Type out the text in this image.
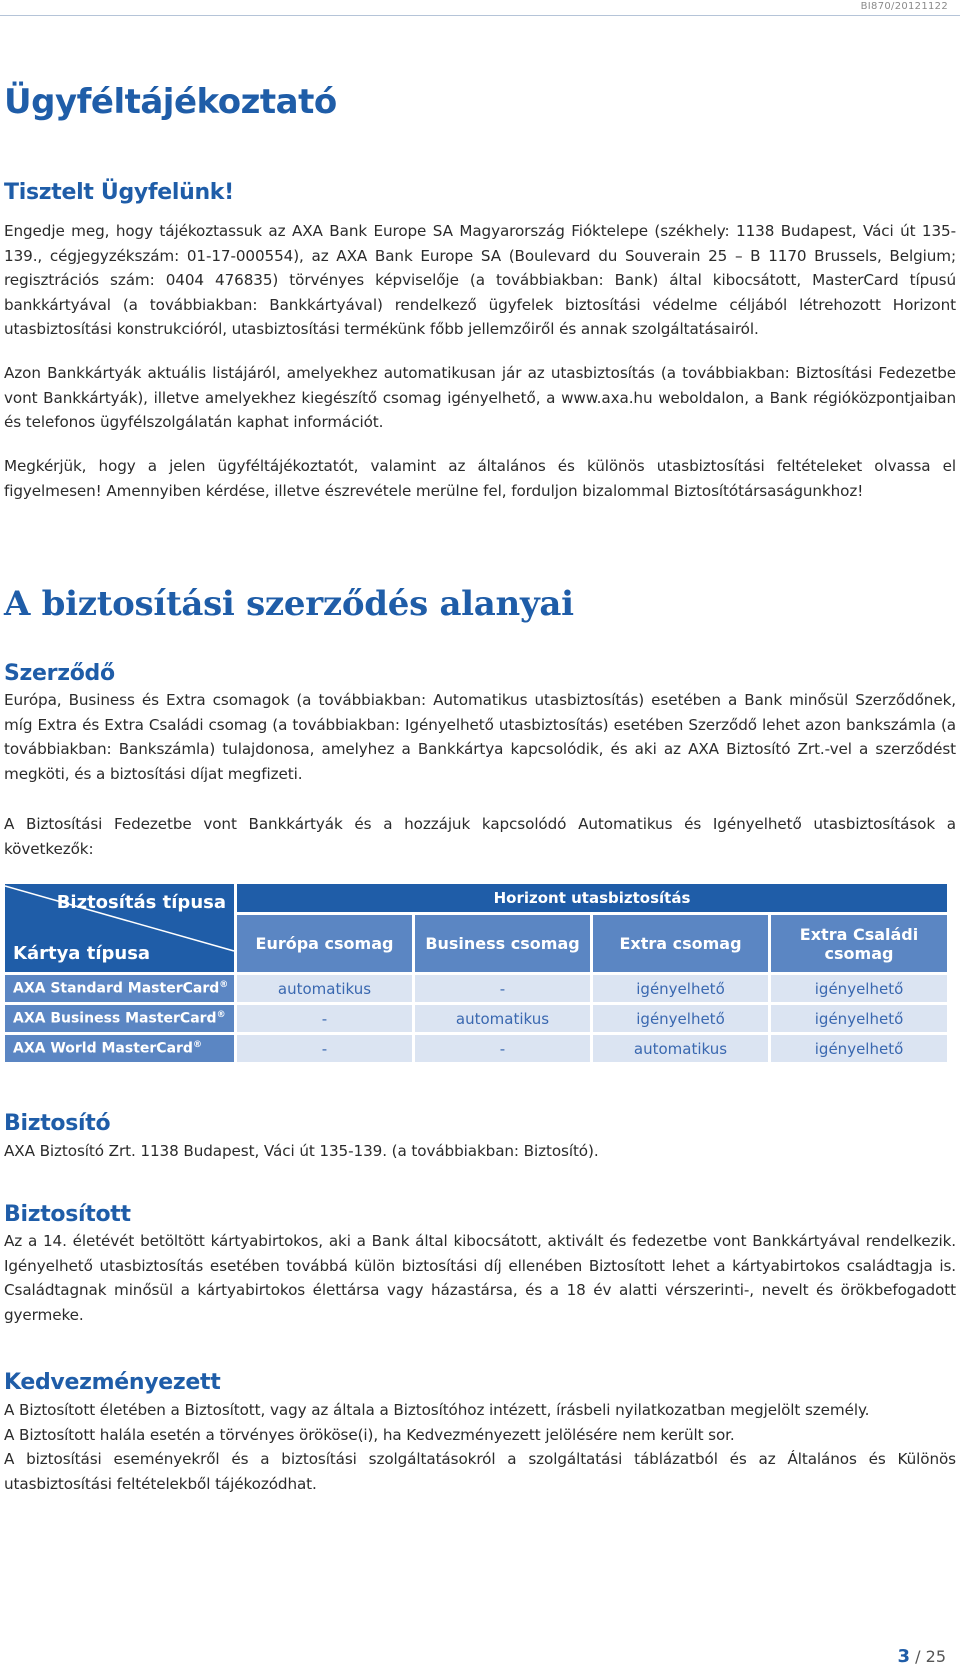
BI870/20121122
Ügyféltájékoztató
Tisztelt Ügyfelünk!

Engedje meg, hogy tájékoztassuk az AXA Bank Europe SA Magyarország Fióktelepe (székhely: 1138 Budapest, Váci út 135-139., cégjegyzékszám: 01-17-000554), az AXA Bank Europe SA (Boulevard du Souverain 25 – B 1170 Brussels, Belgium; regisztrációs szám: 0404 476835) törvényes képviselője (a továbbiakban: Bank) által kibocsátott, MasterCard típusú bankkártyával (a továbbiakban: Bankkártyával) rendelkező ügyfelek biztosítási védelme céljából létrehozott Horizont utasbiztosítási konstrukcióról, utasbiztosítási termékünk főbb jellemzőiről és annak szolgáltatásairól.

Azon Bankkártyák aktuális listájáról, amelyekhez automatikusan jár az utasbiztosítás (a továbbiakban: Biztosítási Fedezetbe vont Bankkártyák), illetve amelyekhez kiegészítő csomag igényelhető, a www.axa.hu weboldalon, a Bank régióközpontjaiban és telefonos ügyfélszolgálatán kaphat információt.

Megkérjük, hogy a jelen ügyféltájékoztatót, valamint az általános és különös utasbiztosítási feltételeket olvassa el figyelmesen! Amennyiben kérdése, illetve észrevétele merülne fel, forduljon bizalommal Biztosítótársaságunkhoz!

A biztosítási szerződés alanyai
Szerződő

Európa, Business és Extra csomagok (a továbbiakban: Automatikus utasbiztosítás) esetében a Bank minősül Szerződőnek, míg Extra és Extra Családi csomag (a továbbiakban: Igényelhető utasbiztosítás) esetében Szerződő lehet azon bankszámla (a továbbiakban: Bankszámla) tulajdonosa, amelyhez a Bankkártya kapcsolódik, és aki az AXA Biztosító Zrt.-vel a szerződést megköti, és a biztosítási díjat megfizeti.

A Biztosítási Fedezetbe vont Bankkártyák és a hozzájuk kapcsolódó Automatikus és Igényelhető utasbiztosítások a következők:

Biztosítás típusa
Kártya típusa	Horizont utasbiztosítás			
	Európa csomag	Business csomag	Extra csomag	Extra Családi csomag
AXA Standard MasterCard®	automatikus	-	igényelhető	igényelhető
AXA Business MasterCard®	-	automatikus	igényelhető	igényelhető
AXA World MasterCard®	-	-	automatikus	igényelhető
Biztosító

AXA Biztosító Zrt. 1138 Budapest, Váci út 135-139. (a továbbiakban: Biztosító).

Biztosított

Az a 14. életévét betöltött kártyabirtokos, aki a Bank által kibocsátott, aktivált és fedezetbe vont Bankkártyával rendelkezik. Igényelhető utasbiztosítás esetében továbbá külön biztosítási díj ellenében Biztosított lehet a kártyabirtokos családtagja is. Családtagnak minősül a kártyabirtokos élettársa vagy házastársa, és a 18 év alatti vérszerinti-, nevelt és örökbefogadott gyermeke.

Kedvezményezett

A Biztosított életében a Biztosított, vagy az általa a Biztosítóhoz intézett, írásbeli nyilatkozatban megjelölt személy.

A Biztosított halála esetén a törvényes örököse(i), ha Kedvezményezett jelölésére nem került sor.

A biztosítási eseményekről és a biztosítási szolgáltatásokról a szolgáltatási táblázatból és az Általános és Különös utasbiztosítási feltételekből tájékozódhat.

3 / 25
